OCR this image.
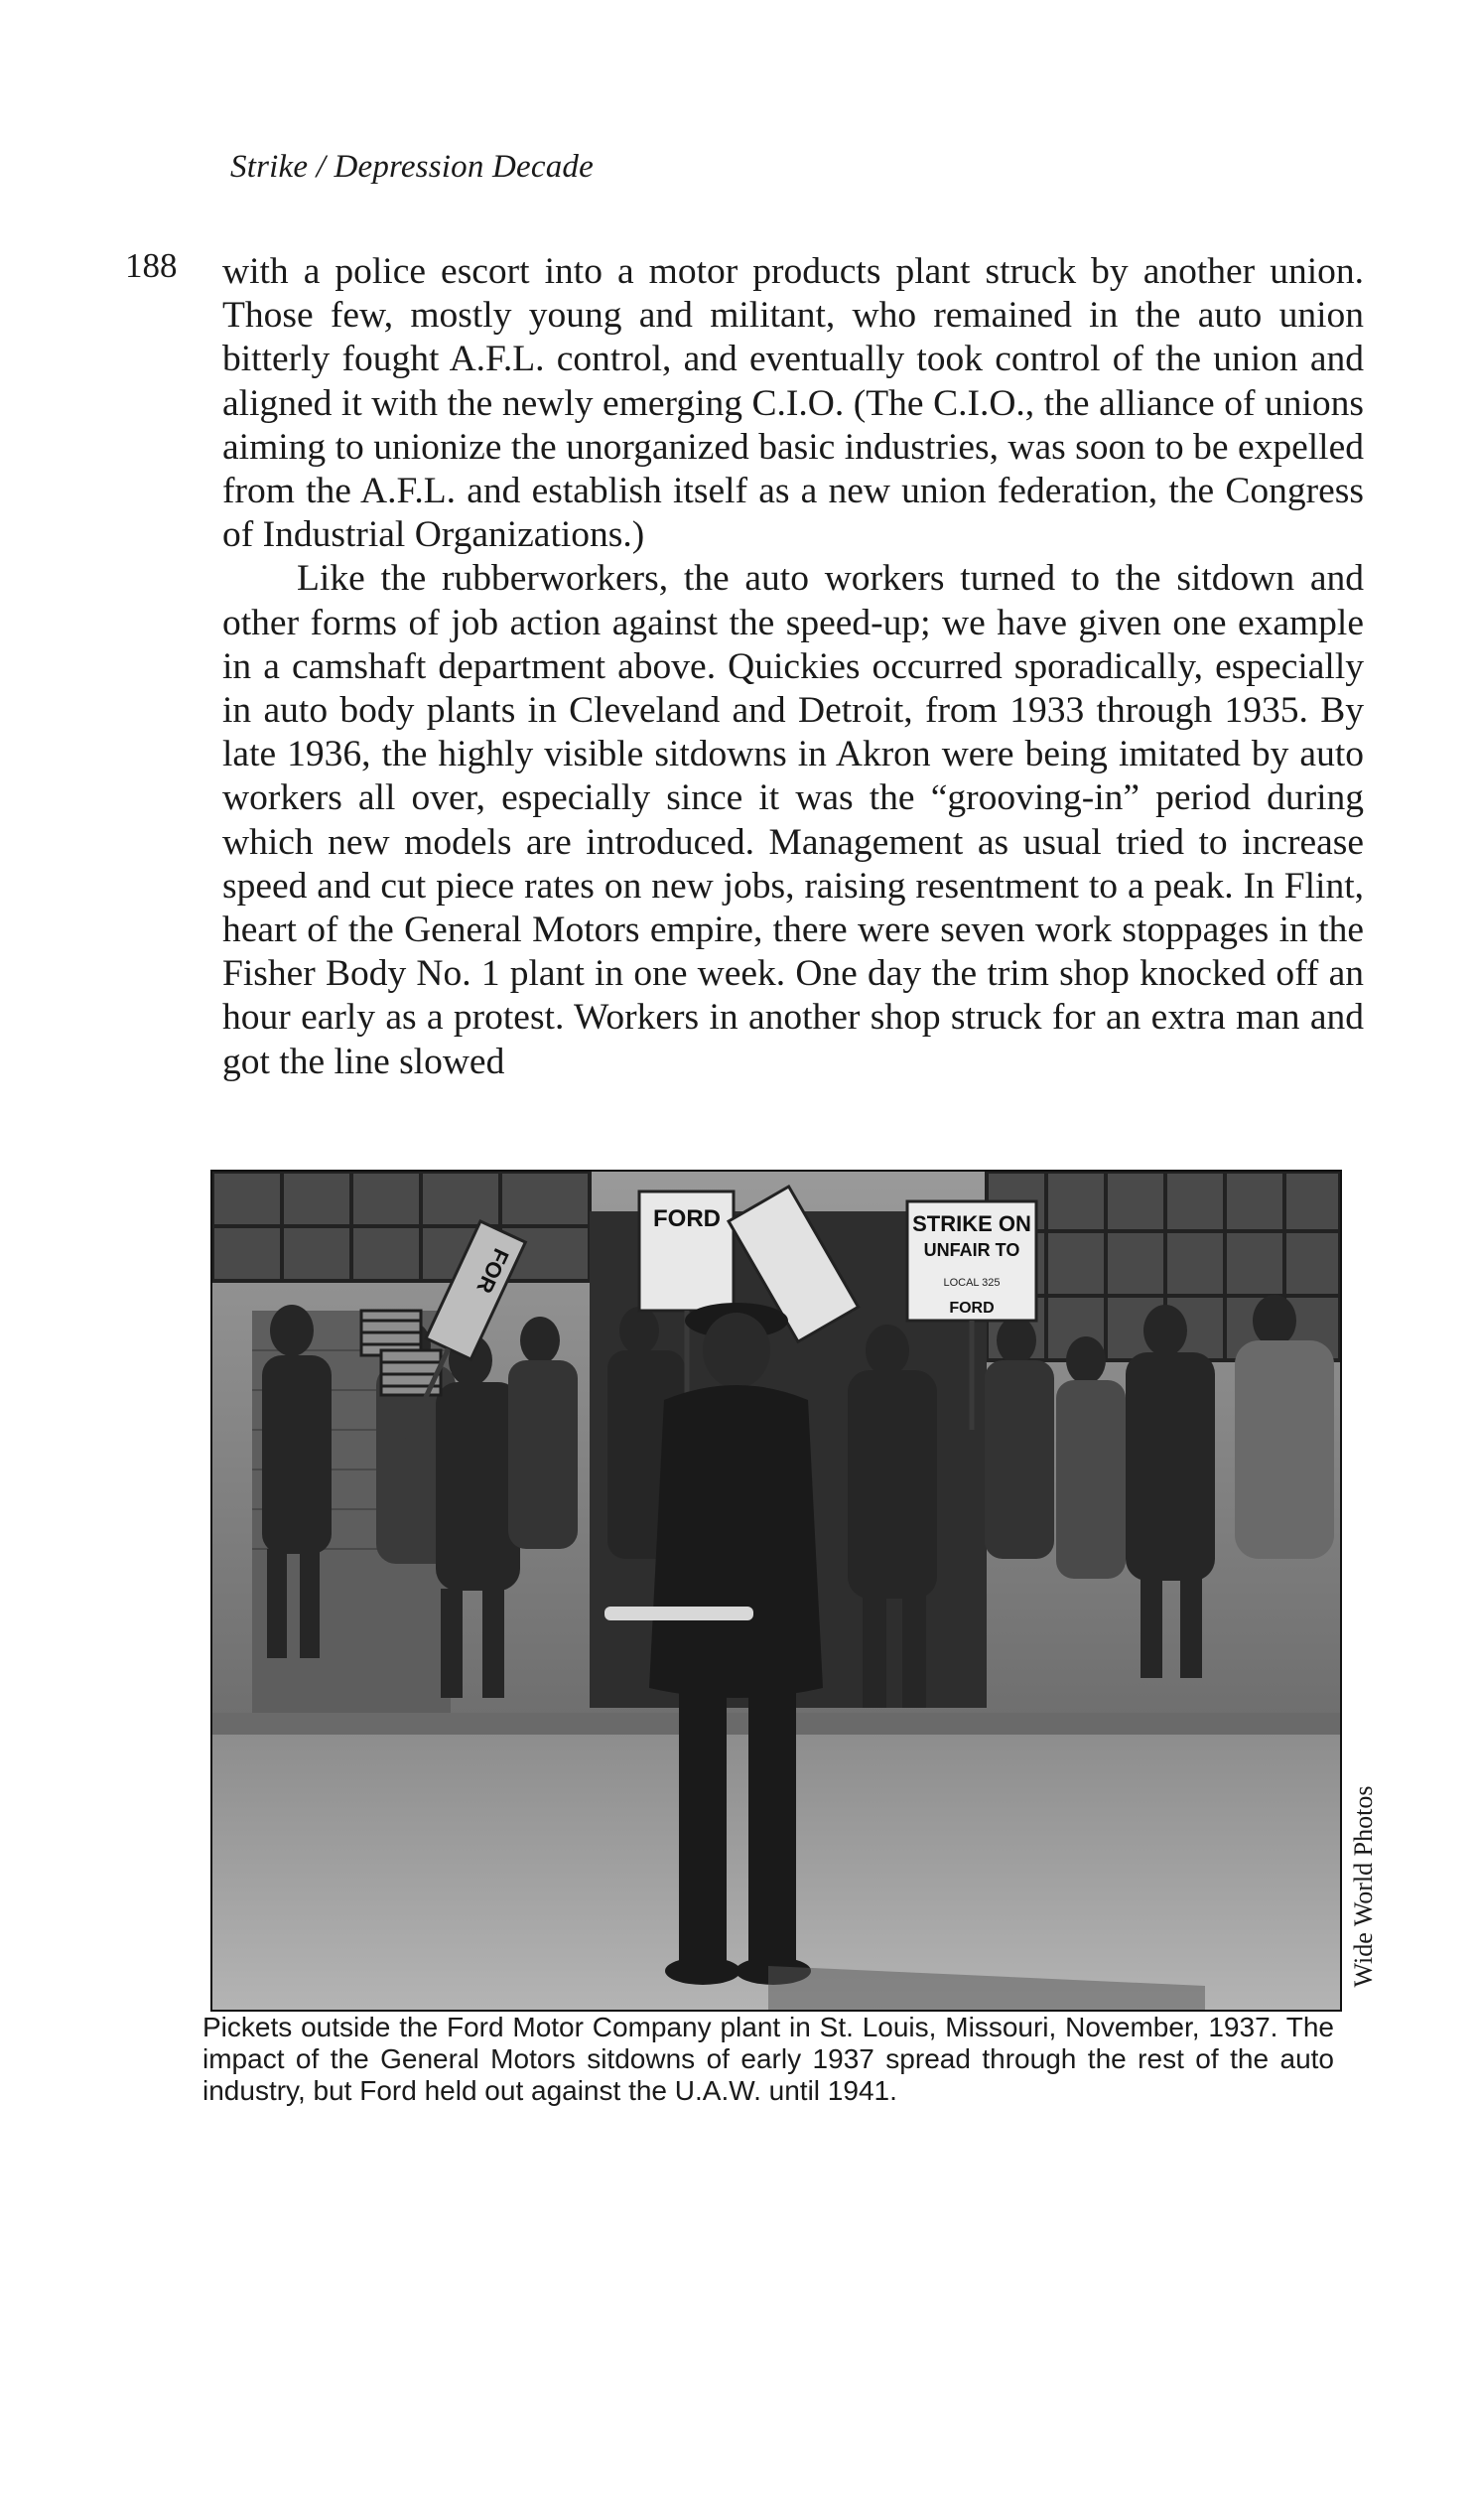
Strike / Depression Decade
188 with a police escort into a motor products plant struck by another union. Those few, mostly young and militant, who remained in the auto union bitterly fought A.F.L. control, and eventually took control of the union and aligned it with the newly emerging C.I.O. (The C.I.O., the alliance of unions aiming to unionize the unorganized basic industries, was soon to be expelled from the A.F.L. and establish itself as a new union federation, the Congress of Industrial Organizations.)

Like the rubberworkers, the auto workers turned to the sitdown and other forms of job action against the speed-up; we have given one example in a camshaft department above. Quickies occurred sporadically, especially in auto body plants in Cleveland and Detroit, from 1933 through 1935. By late 1936, the highly visible sitdowns in Akron were being imitated by auto workers all over, especially since it was the “grooving-in” period during which new models are introduced. Management as usual tried to increase speed and cut piece rates on new jobs, raising resentment to a peak. In Flint, heart of the General Motors empire, there were seven work stoppages in the Fisher Body No. 1 plant in one week. One day the trim shop knocked off an hour early as a protest. Workers in another shop struck for an extra man and got the line slowed

FOR
FORD	STRIKE ON
UNFAIR TO
LOCAL 325
FORD
Wide World Photos
Pickets outside the Ford Motor Company plant in St. Louis, Missouri, November, 1937. The impact of the General Motors sitdowns of early 1937 spread through the rest of the auto industry, but Ford held out against the U.A.W. until 1941.
